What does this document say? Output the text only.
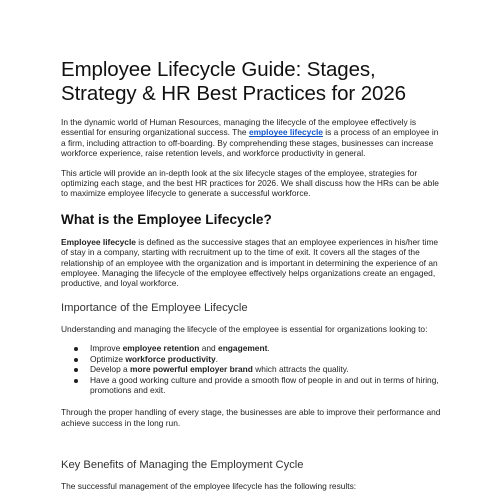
Employee Lifecycle Guide: Stages, Strategy & HR Best Practices for 2026

In the dynamic world of Human Resources, managing the lifecycle of the employee effectively is essential for ensuring organizational success. The employee lifecycle is a process of an employee in a firm, including attraction to off-boarding. By comprehending these stages, businesses can increase workforce experience, raise retention levels, and workforce productivity in general.

This article will provide an in-depth look at the six lifecycle stages of the employee, strategies for optimizing each stage, and the best HR practices for 2026. We shall discuss how the HRs can be able to maximize employee lifecycle to generate a successful workforce.

What is the Employee Lifecycle?

Employee lifecycle is defined as the successive stages that an employee experiences in his/her time of stay in a company, starting with recruitment up to the time of exit. It covers all the stages of the relationship of an employee with the organization and is important in determining the experience of an employee. Managing the lifecycle of the employee effectively helps organizations create an engaged, productive, and loyal workforce.

Importance of the Employee Lifecycle

Understanding and managing the lifecycle of the employee is essential for organizations looking to:

Improve employee retention and engagement.
Optimize workforce productivity.
Develop a more powerful employer brand which attracts the quality.
Have a good working culture and provide a smooth flow of people in and out in terms of hiring, promotions and exit.

Through the proper handling of every stage, the businesses are able to improve their performance and achieve success in the long run.

Key Benefits of Managing the Employment Cycle

The successful management of the employee lifecycle has the following results:
